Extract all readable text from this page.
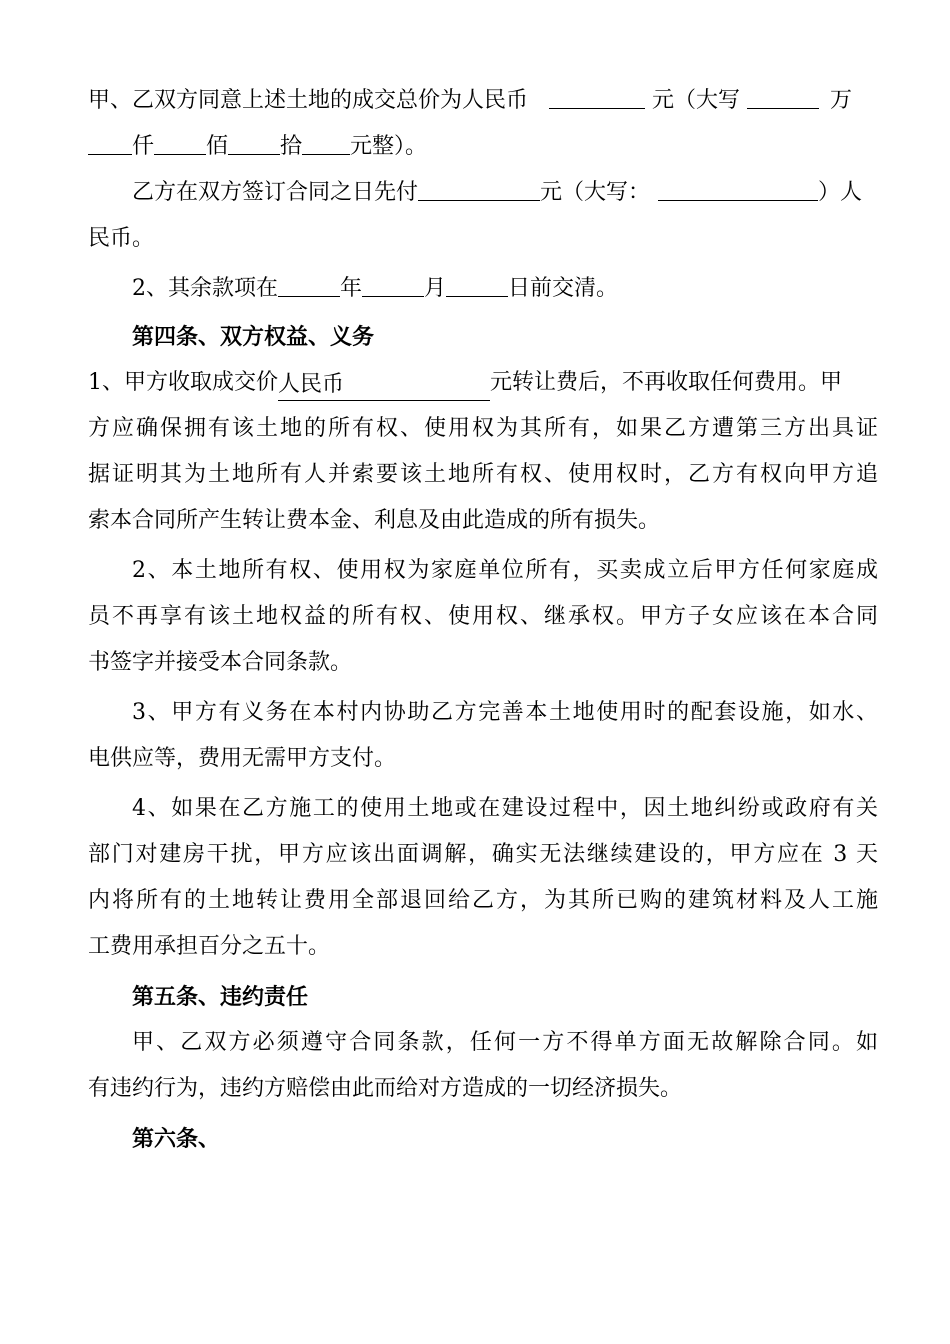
甲、乙双方同意上述土地的成交总价为人民币	元（大写	万
仟 佰 拾 元整）。
乙方在双方签订合同之日先付	元（大写：	）人
民币。
2、其余款项在	年	月	日前交清。
第四条、双方权益、义务
1、甲方收取成交价人民币	元转让费后，不再收取任何费用。甲
方应确保拥有该土地的所有权、使用权为其所有，如果乙方遭第三方出具证
据证明其为土地所有人并索要该土地所有权、使用权时，乙方有权向甲方追
索本合同所产生转让费本金、利息及由此造成的所有损失。
2、本土地所有权、使用权为家庭单位所有，买卖成立后甲方任何家庭成
员不再享有该土地权益的所有权、使用权、继承权。甲方子女应该在本合同
书签字并接受本合同条款。
3、甲方有义务在本村内协助乙方完善本土地使用时的配套设施，如水、
电供应等，费用无需甲方支付。
4、如果在乙方施工的使用土地或在建设过程中，因土地纠纷或政府有关
部门对建房干扰，甲方应该出面调解，确实无法继续建设的，甲方应在 3 天
内将所有的土地转让费用全部退回给乙方，为其所已购的建筑材料及人工施
工费用承担百分之五十。
第五条、违约责任
甲、乙双方必须遵守合同条款，任何一方不得单方面无故解除合同。如
有违约行为，违约方赔偿由此而给对方造成的一切经济损失。
第六条、
